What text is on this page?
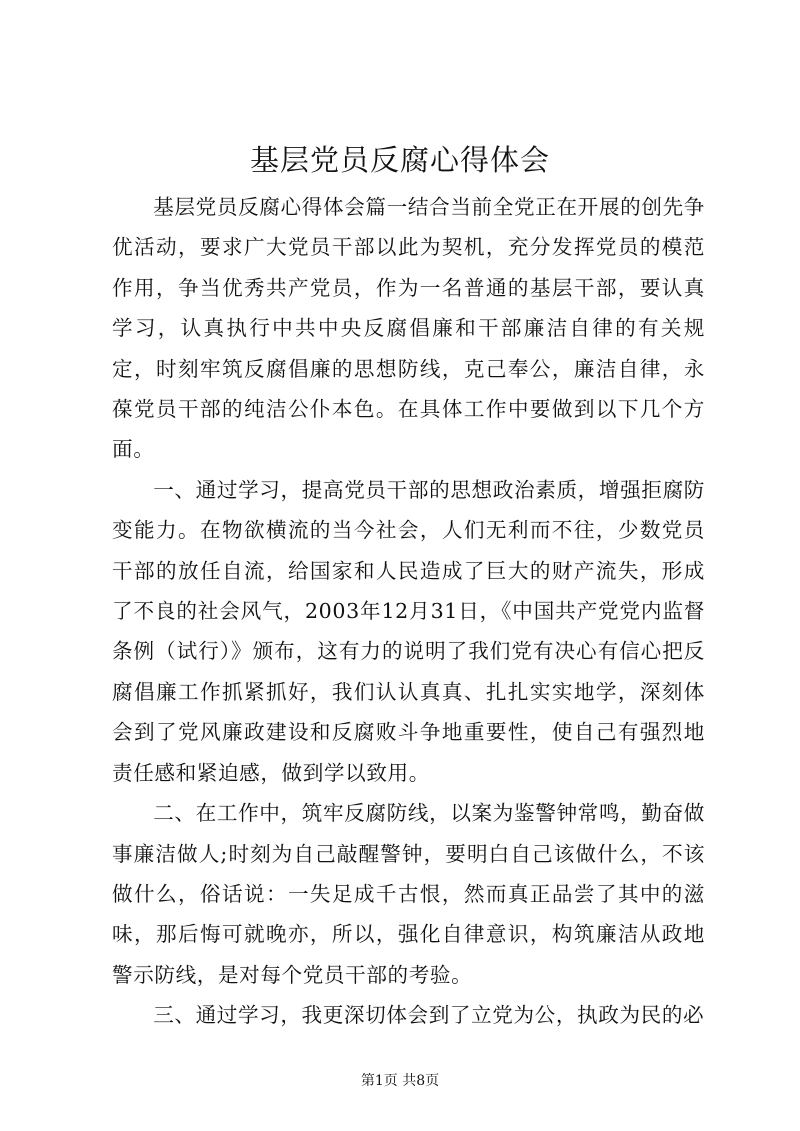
基层党员反腐心得体会

基层党员反腐心得体会篇一结合当前全党正在开展的创先争优活动，要求广大党员干部以此为契机，充分发挥党员的模范作用，争当优秀共产党员，作为一名普通的基层干部，要认真学习，认真执行中共中央反腐倡廉和干部廉洁自律的有关规定，时刻牢筑反腐倡廉的思想防线，克己奉公，廉洁自律，永葆党员干部的纯洁公仆本色。在具体工作中要做到以下几个方面。

一、通过学习，提高党员干部的思想政治素质，增强拒腐防变能力。在物欲横流的当今社会，人们无利而不往，少数党员干部的放任自流，给国家和人民造成了巨大的财产流失，形成了不良的社会风气，2003年12月31日，《中国共产党党内监督条例（试行）》颁布，这有力的说明了我们党有决心有信心把反腐倡廉工作抓紧抓好，我们认认真真、扎扎实实地学，深刻体会到了党风廉政建设和反腐败斗争地重要性，使自己有强烈地责任感和紧迫感，做到学以致用。

二、在工作中，筑牢反腐防线，以案为鉴警钟常鸣，勤奋做事廉洁做人;时刻为自己敲醒警钟，要明白自己该做什么，不该做什么，俗话说：一失足成千古恨，然而真正品尝了其中的滋味，那后悔可就晚亦，所以，强化自律意识，构筑廉洁从政地警示防线，是对每个党员干部的考验。

三、通过学习，我更深切体会到了立党为公，执政为民的必

第1页 共8页
